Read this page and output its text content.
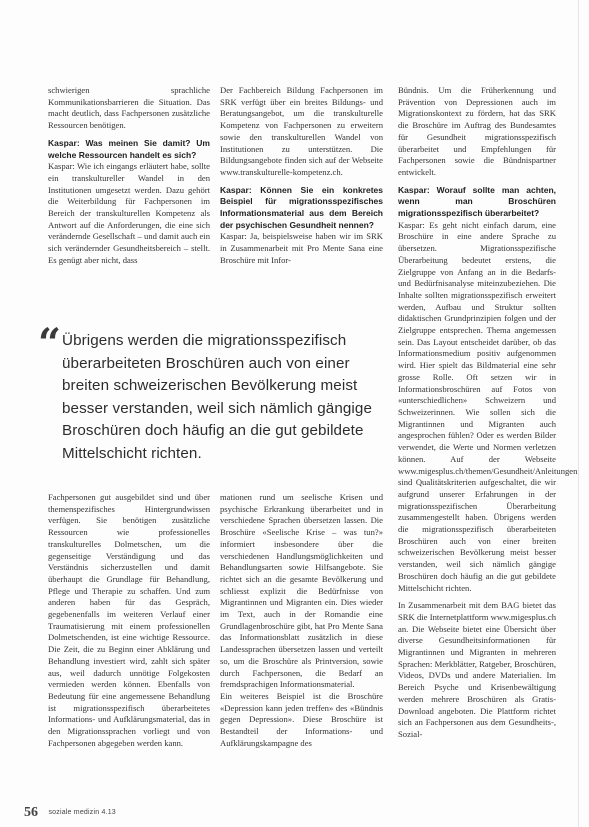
schwierigen sprachliche Kommunikationsbarrieren die Situation. Das macht deutlich, dass Fachpersonen zusätzliche Ressourcen benötigen.

Kaspar: Was meinen Sie damit? Um welche Ressourcen handelt es sich?

Kaspar: Wie ich eingangs erläutert habe, sollte ein transkultureller Wandel in den Institutionen umgesetzt werden. Dazu gehört die Weiterbildung für Fachpersonen im Bereich der transkulturellen Kompetenz als Antwort auf die Anforderungen, die eine sich verändernde Gesellschaft – und damit auch ein sich verändernder Gesundheitsbereich – stellt. Es genügt aber nicht, dass

Der Fachbereich Bildung Fachpersonen im SRK verfügt über ein breites Bildungs- und Beratungsangebot, um die transkulturelle Kompetenz von Fachpersonen zu erweitern sowie den transkulturellen Wandel von Institutionen zu unterstützen. Die Bildungsangebote finden sich auf der Webseite www.transkulturelle-kompetenz.ch.

Kaspar: Können Sie ein konkretes Beispiel für migrationsspezifisches Informationsmaterial aus dem Bereich der psychischen Gesundheit nennen?

Kaspar: Ja, beispielsweise haben wir im SRK in Zusammenarbeit mit Pro Mente Sana eine Broschüre mit Infor-

Bündnis. Um die Früherkennung und Prävention von Depressionen auch im Migrationskontext zu fördern, hat das SRK die Broschüre im Auftrag des Bundesamtes für Gesundheit migrationsspezifisch überarbeitet und Empfehlungen für Fachpersonen sowie die Bündnispartner entwickelt.

Kaspar: Worauf sollte man achten, wenn man Broschüren migrationsspezifisch überarbeitet?

Kaspar: Es geht nicht einfach darum, eine Broschüre in eine andere Sprache zu übersetzen. Migrationsspezifische Überarbeitung bedeutet erstens, die Zielgruppe von Anfang an in die Bedarfs- und Bedürfnisanalyse miteinzubeziehen. Die Inhalte sollten migrationsspezifisch erweitert werden, Aufbau und Struktur sollten didaktischen Grundprinzipien folgen und der Zielgruppe entsprechen. Thema angemessen sein. Das Layout entscheidet darüber, ob das Informationsmedium positiv aufgenommen wird. Hier spielt das Bildmaterial eine sehr grosse Rolle. Oft setzen wir in Informationsbroschüren auf Fotos von «unterschiedlichen» Schweizern und Schweizerinnen. Wie sollen sich die Migrantinnen und Migranten auch angesprochen fühlen? Oder es werden Bilder verwendet, die Werte und Normen verletzen können. Auf der Webseite www.migesplus.ch/themen/Gesundheit/Anleitungen sind Qualitätskriterien aufgeschaltet, die wir aufgrund unserer Erfahrungen in der migrationsspezifischen Überarbeitung zusammengestellt haben. Übrigens werden die migrationsspezifisch überarbeiteten Broschüren auch von einer breiten schweizerischen Bevölkerung meist besser verstanden, weil sich nämlich gängige Broschüren doch häufig an die gut gebildete Mittelschicht richten.

In Zusammenarbeit mit dem BAG bietet das SRK die Internetplattform www.migesplus.ch an. Die Webseite bietet eine Übersicht über diverse Gesundheitsinformationen für Migrantinnen und Migranten in mehreren Sprachen: Merkblätter, Ratgeber, Broschüren, Videos, DVDs und andere Materialien. Im Bereich Psyche und Krisenbewältigung werden mehrere Broschüren als Gratis-Download angeboten. Die Plattform richtet sich an Fachpersonen aus dem Gesundheits-, Sozial-

“ Übrigens werden die migrationsspezifisch überarbeiteten Broschüren auch von einer breiten schweizerischen Bevölkerung meist besser verstanden, weil sich nämlich gängige Broschüren doch häufig an die gut gebildete Mittelschicht richten.

Fachpersonen gut ausgebildet sind und über themenspezifisches Hintergrundwissen verfügen. Sie benötigen zusätzliche Ressourcen wie professionelles transkulturelles Dolmetschen, um die gegenseitige Verständigung und das Verständnis sicherzustellen und damit überhaupt die Grundlage für Behandlung, Pflege und Therapie zu schaffen. Und zum anderen haben für das Gespräch, gegebenenfalls im weiteren Verlauf einer Traumatisierung mit einem professionellen Dolmetschenden, ist eine wichtige Ressource. Die Zeit, die zu Beginn einer Abklärung und Behandlung investiert wird, zahlt sich später aus, weil dadurch unnötige Folgekosten vermieden werden können. Ebenfalls von Bedeutung für eine angemessene Behandlung ist migrationsspezifisch überarbeitetes Informations- und Aufklärungsmaterial, das in den Migrationssprachen vorliegt und von Fachpersonen abgegeben werden kann.

mationen rund um seelische Krisen und psychische Erkrankung überarbeitet und in verschiedene Sprachen übersetzen lassen. Die Broschüre «Seelische Krise – was tun?» informiert insbesondere über die verschiedenen Handlungsmöglichkeiten und Behandlungsarten sowie Hilfsangebote. Sie richtet sich an die gesamte Bevölkerung und schliesst explizit die Bedürfnisse von Migrantinnen und Migranten ein. Dies wieder im Text, auch in der Romandie eine Grundlagenbroschüre gibt, hat Pro Mente Sana das Informationsblatt zusätzlich in diese Landessprachen übersetzen lassen und verteilt so, um die Broschüre als Printversion, sowie durch Fachpersonen, die Bedarf an fremdsprachigen Informationsmaterial.
Ein weiteres Beispiel ist die Broschüre «Depression kann jeden treffen» des «Bündnis gegen Depression». Diese Broschüre ist Bestandteil der Informations- und Aufklärungskampagne des

56 soziale medizin 4.13
